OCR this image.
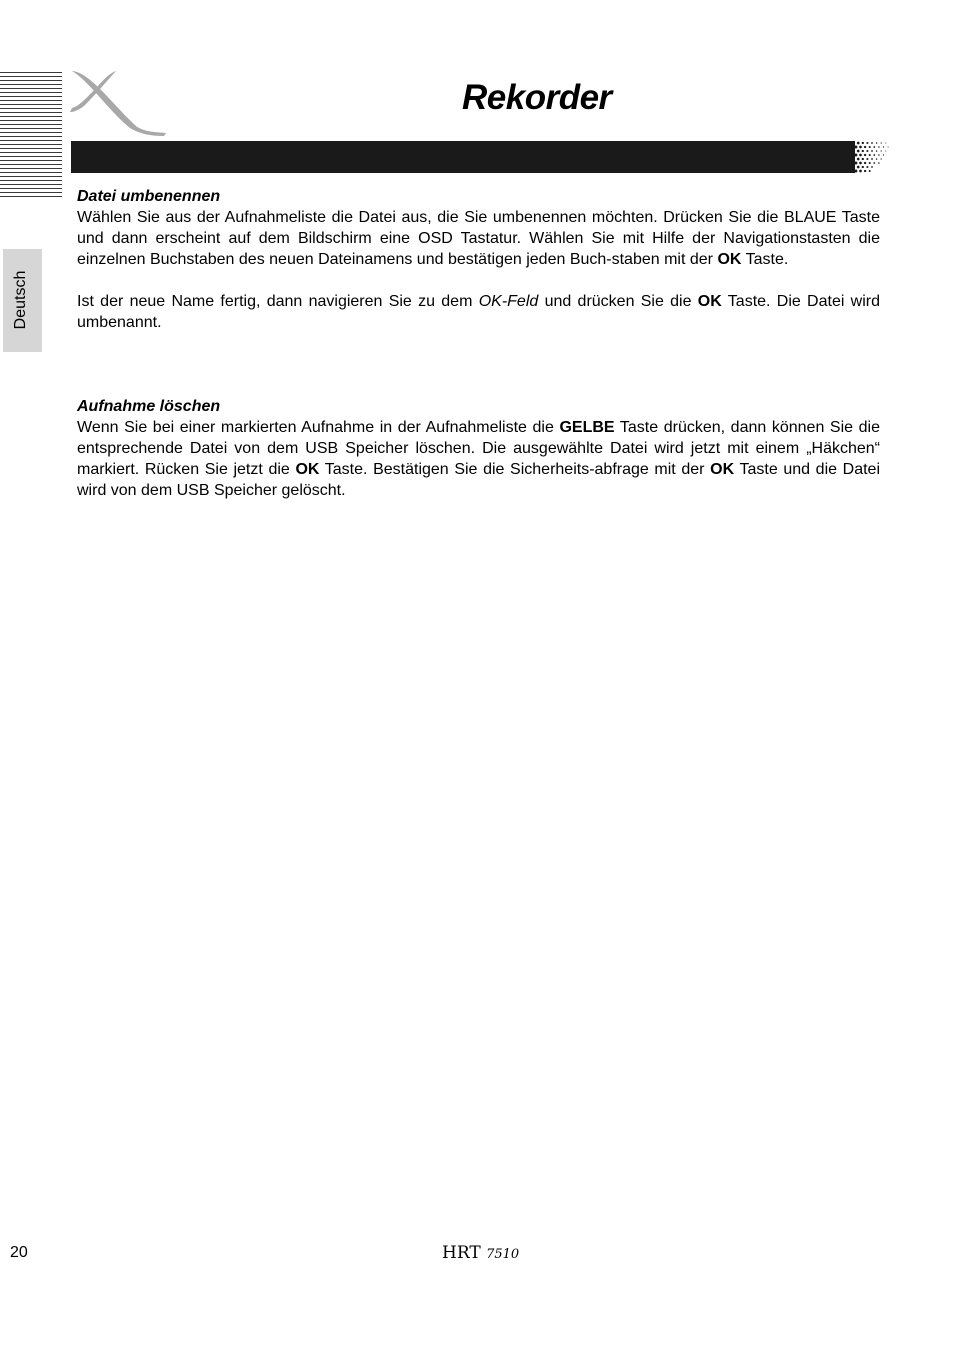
Rekorder
Deutsch

Datei umbenennen

Wählen Sie aus der Aufnahmeliste die Datei aus, die Sie umbenennen möchten. Drücken Sie die BLAUE Taste und dann erscheint auf dem Bildschirm eine OSD Tastatur. Wählen Sie mit Hilfe der Navigationstasten die einzelnen Buchstaben des neuen Dateinamens und bestätigen jeden Buch-staben mit der OK Taste.

Ist der neue Name fertig, dann navigieren Sie zu dem OK-Feld und drücken Sie die OK Taste. Die Datei wird umbenannt.

Aufnahme löschen

Wenn Sie bei einer markierten Aufnahme in der Aufnahmeliste die GELBE Taste drücken, dann können Sie die entsprechende Datei von dem USB Speicher löschen. Die ausgewählte Datei wird jetzt mit einem „Häkchen“ markiert. Rücken Sie jetzt die OK Taste. Bestätigen Sie die Sicherheits-abfrage mit der OK Taste und die Datei wird von dem USB Speicher gelöscht.

20	HRT 7510
